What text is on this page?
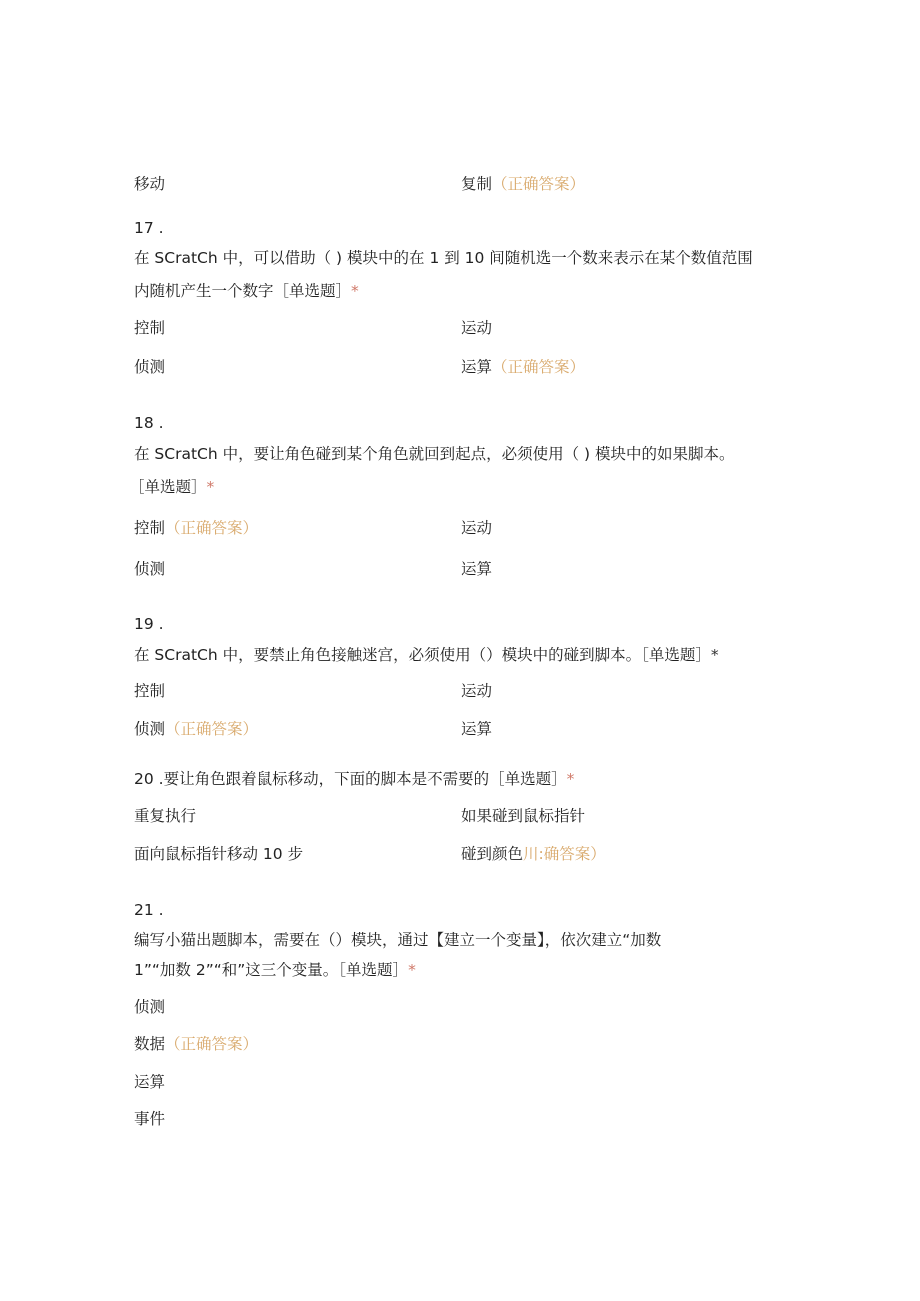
移动	复制（正确答案）
17 .
在 SCratCh 中，可以借助（ ) 模块中的在 1 到 10 间随机选一个数来表示在某个数值范围
内随机产生一个数字［单选题］*
控制	运动
侦测	运算（正确答案）
18 .
在 SCratCh 中，要让角色碰到某个角色就回到起点，必须使用（ ) 模块中的如果脚本。
［单选题］*
控制（正确答案）	运动
侦测	运算
19 .
在 SCratCh 中，要禁止角色接触迷宫，必须使用（）模块中的碰到脚本。［单选题］*
控制	运动
侦测（正确答案）	运算
20 .要让角色跟着鼠标移动，下面的脚本是不需要的［单选题］*
重复执行	如果碰到鼠标指针
面向鼠标指针移动 10 步	碰到颜色川:确答案）
21 .
编写小猫出题脚本，需要在（）模块，通过【建立一个变量】，依次建立“加数
1”“加数 2”“和”这三个变量。［单选题］*
侦测
数据（正确答案）
运算
事件
